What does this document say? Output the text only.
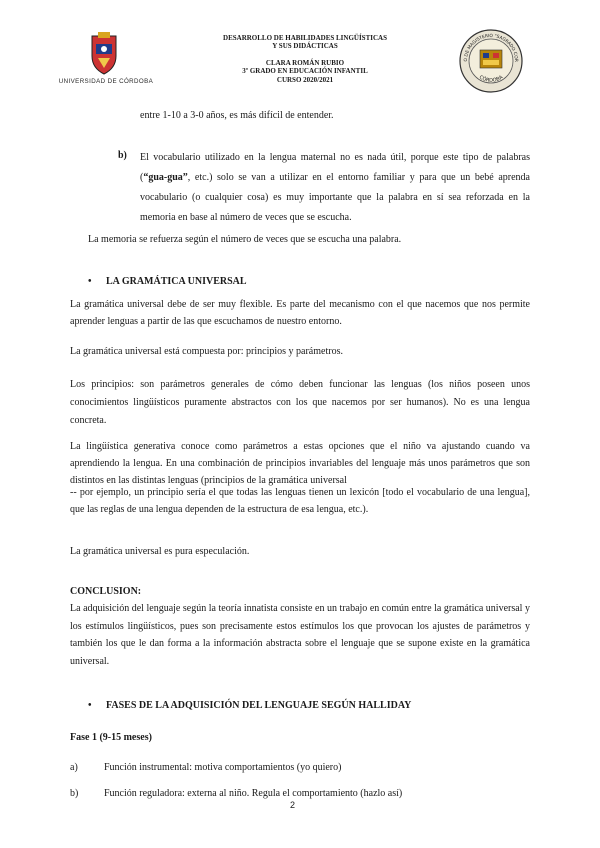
UNIVERSIDAD DE CÓRDOBA
DESARROLLO DE HABILIDADES LINGÜÍSTICAS
Y SUS DIDÁCTICAS
CLARA ROMÁN RUBIO
3º GRADO EN EDUCACIÓN INFANTIL
CURSO 2020/2021
O DE MAGISTERIO "SAGRADO COR
CÓRDOBA
entre 1-10 a 3-0 años, es más difícil de entender.
b) El vocabulario utilizado en la lengua maternal no es nada útil, porque este tipo de palabras (“gua-gua”, etc.) solo se van a utilizar en el entorno familiar y para que un bebé aprenda vocabulario (o cualquier cosa) es muy importante que la palabra en sí sea reforzada en la memoria en base al número de veces que se escucha.
La memoria se refuerza según el número de veces que se escucha una palabra.
• LA GRAMÁTICA UNIVERSAL
La gramática universal debe de ser muy flexible. Es parte del mecanismo con el que nacemos que nos permite aprender lenguas a partir de las que escuchamos de nuestro entorno.
La gramática universal está compuesta por: principios y parámetros.
Los principios: son parámetros generales de cómo deben funcionar las lenguas (los niños poseen unos conocimientos lingüísticos puramente abstractos con los que nacemos por ser humanos). No es una lengua concreta.
La lingüística generativa conoce como parámetros a estas opciones que el niño va ajustando cuando va aprendiendo la lengua. En una combinación de principios invariables del lenguaje más unos parámetros que son distintos en las distintas lenguas (principios de la gramática universal
-- por ejemplo, un principio sería el que todas las lenguas tienen un lexicón [todo el vocabulario de una lengua], que las reglas de una lengua dependen de la estructura de esa lengua, etc.).
La gramática universal es pura especulación.
CONCLUSION:
La adquisición del lenguaje según la teoría innatista consiste en un trabajo en común entre la gramática universal y los estímulos lingüísticos, pues son precisamente estos estímulos los que provocan los ajustes de parámetros y también los que le dan forma a la información abstracta sobre el lenguaje que se supone existe en la gramática universal.
• FASES DE LA ADQUISICIÓN DEL LENGUAJE SEGÚN HALLIDAY
Fase 1 (9-15 meses)
a)	Función instrumental: motiva comportamientos (yo quiero)
b)	Función reguladora: externa al niño. Regula el comportamiento (hazlo así)
2
